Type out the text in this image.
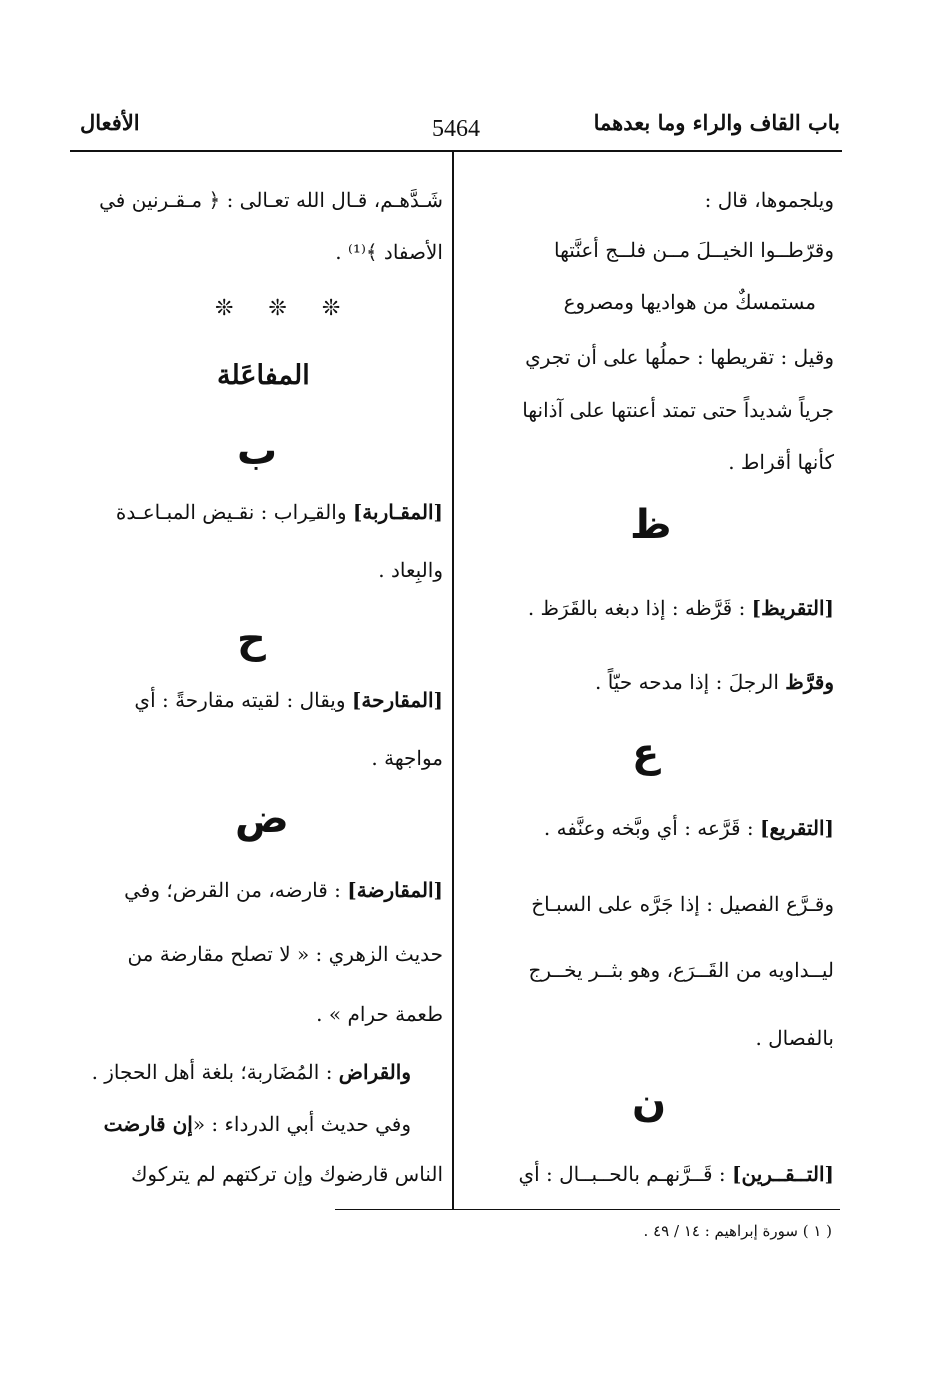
باب القاف والراء وما بعدهما
5464
الأفعال
ويلجموها، قال :
وقرّطــوا الخيــلَ مــن فلــج أعنَّتها
مستمسكٌ من هواديها ومصروع
وقيل : تقريطها : حملُها على أن تجري
جرياً شديداً حتى تمتد أعنتها على آذانها
كأنها أقراط .
ظ
[التقريظ] : قَرَّظه : إذا دبغه بالقَرَظ .
وقرَّظ الرجلَ : إذا مدحه حيّاً .
ع
[التقريع] : قَرَّعه : أي وبَّخه وعنَّفه .
وقـرَّع الفصيل : إذا جَرَّه على السبـاخ
ليــداويه من القَــرَع، وهو بثــر يخــرج
بالفصال .
ن
[التــقــرين] : قَــرَّنهـم بالحــبــال : أي
شَـدَّهـم، قـال الله تعـالى : ﴿ مـقـرنين في
الأصفاد ﴾⁽¹⁾ .
❊ ❊ ❊
المفاعَلة
ب
[المقـاربة] والقـِراب : نقـيض المبـاعـدة
والبِعاد .
ح
[المقارحة] ويقال : لقيته مقارحةً : أي
مواجهة .
ض
[المقارضة] : قارضه، من القرض؛ وفي
حديث الزهري : « لا تصلح مقارضة من
طعمة حرام » .
والقراض : المُضَاربة؛ بلغة أهل الحجاز .
وفي حديث أبي الدرداء : «إن قارضت
الناس قارضوك وإن تركتهم لم يتركوك
( ١ ) سورة إبراهيم : ١٤ / ٤٩ .
